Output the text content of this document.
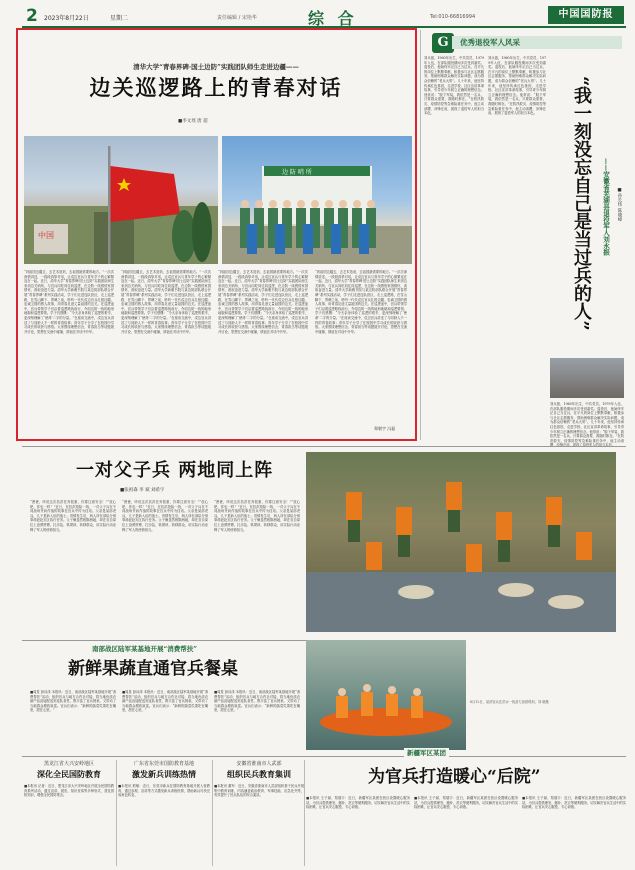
2 2023年8月22日	星期二	责任编辑 / 宋艳华	综 合	Tel:010-66816994	中国国防报
清华大学“青春界碑·国土边防”实践团队师生走进边疆——
边关巡逻路上的青春对话
■李文瑶 唐 超
中国
边 防 哨 所
“到祖国边疆去，去艺术造诣，去祖国最需要的地方。”一次次深情讲述，一段段真挚对话，让戍边官兵与青年学子的心紧紧连在一起。近日，清华大学“青春界碑·国土边防”实践团队师生来到边关哨所，与官兵同吃同住同巡逻，在边防一线感悟家国情怀，汲取奋进力量。清华大学新雅书院与某边防部队联合开展“青春界碑”系列实践活动，学子们走进连队营区，走上巡逻路，在雪山脚下、界碑之前，聆听一代代戍边官兵扎根边疆、忠诚卫国的感人故事，用青春足迹丈量祖国的边关。在巡逻途中，官兵带领学子们沿着巡逻路线前行，介绍边防一线的地形地貌和巡逻要领。学子们感慨：“今天亲身体验了巡逻的艰辛，更深刻理解了‘使命’二字的分量。”在座谈交流中，戍边官兵讲述了与同龄人不一样的青春故事；青年学子分享了在校园中学习成长的收获与感悟。大家围绕理想信念、青春担当等话题展开讨论，思想在交流中碰撞，情谊在对话中升华。
“到祖国边疆去，去艺术造诣，去祖国最需要的地方。”一次次深情讲述，一段段真挚对话，让戍边官兵与青年学子的心紧紧连在一起。近日，清华大学“青春界碑·国土边防”实践团队师生来到边关哨所，与官兵同吃同住同巡逻，在边防一线感悟家国情怀，汲取奋进力量。清华大学新雅书院与某边防部队联合开展“青春界碑”系列实践活动，学子们走进连队营区，走上巡逻路，在雪山脚下、界碑之前，聆听一代代戍边官兵扎根边疆、忠诚卫国的感人故事，用青春足迹丈量祖国的边关。在巡逻途中，官兵带领学子们沿着巡逻路线前行，介绍边防一线的地形地貌和巡逻要领。学子们感慨：“今天亲身体验了巡逻的艰辛，更深刻理解了‘使命’二字的分量。”在座谈交流中，戍边官兵讲述了与同龄人不一样的青春故事；青年学子分享了在校园中学习成长的收获与感悟。大家围绕理想信念、青春担当等话题展开讨论，思想在交流中碰撞，情谊在对话中升华。
“到祖国边疆去，去艺术造诣，去祖国最需要的地方。”一次次深情讲述，一段段真挚对话，让戍边官兵与青年学子的心紧紧连在一起。近日，清华大学“青春界碑·国土边防”实践团队师生来到边关哨所，与官兵同吃同住同巡逻，在边防一线感悟家国情怀，汲取奋进力量。清华大学新雅书院与某边防部队联合开展“青春界碑”系列实践活动，学子们走进连队营区，走上巡逻路，在雪山脚下、界碑之前，聆听一代代戍边官兵扎根边疆、忠诚卫国的感人故事，用青春足迹丈量祖国的边关。在巡逻途中，官兵带领学子们沿着巡逻路线前行，介绍边防一线的地形地貌和巡逻要领。学子们感慨：“今天亲身体验了巡逻的艰辛，更深刻理解了‘使命’二字的分量。”在座谈交流中，戍边官兵讲述了与同龄人不一样的青春故事；青年学子分享了在校园中学习成长的收获与感悟。大家围绕理想信念、青春担当等话题展开讨论，思想在交流中碰撞，情谊在对话中升华。
“到祖国边疆去，去艺术造诣，去祖国最需要的地方。”一次次深情讲述，一段段真挚对话，让戍边官兵与青年学子的心紧紧连在一起。近日，清华大学“青春界碑·国土边防”实践团队师生来到边关哨所，与官兵同吃同住同巡逻，在边防一线感悟家国情怀，汲取奋进力量。清华大学新雅书院与某边防部队联合开展“青春界碑”系列实践活动，学子们走进连队营区，走上巡逻路，在雪山脚下、界碑之前，聆听一代代戍边官兵扎根边疆、忠诚卫国的感人故事，用青春足迹丈量祖国的边关。在巡逻途中，官兵带领学子们沿着巡逻路线前行，介绍边防一线的地形地貌和巡逻要领。学子们感慨：“今天亲身体验了巡逻的艰辛，更深刻理解了‘使命’二字的分量。”在座谈交流中，戍边官兵讲述了与同龄人不一样的青春故事；青年学子分享了在校园中学习成长的收获与感悟。大家围绕理想信念、青春担当等话题展开讨论，思想在交流中碰撞，情谊在对话中升华。
郑朝宇 冯磊
G	优秀退役军人风采
刘永振，1960年出生，中共党员，1979年入伍，在部队服役期间多次受到嘉奖。退役后，他始终牢记自己当过兵，在平凡的岗位上默默奉献，积极参与社区志愿服务，帮助困难群众解决实际问题，成为群众信赖的“老兵大哥”。几十年来，他坚持传承红色基因，走进学校、社区宣讲革命故事，引导青少年树立正确的理想信念。他常说：“脱下军装，我依然是一名兵，只要群众需要，我随时都在。”在防汛救灾、疫情防控等急难险重任务中，他主动请缨，冲锋在前，展现了退役军人的担当本色。
刘永振，1960年出生，中共党员，1979年入伍，在部队服役期间多次受到嘉奖。退役后，他始终牢记自己当过兵，在平凡的岗位上默默奉献，积极参与社区志愿服务，帮助困难群众解决实际问题，成为群众信赖的“老兵大哥”。几十年来，他坚持传承红色基因，走进学校、社区宣讲革命故事，引导青少年树立正确的理想信念。他常说：“脱下军装，我依然是一名兵，只要群众需要，我随时都在。”在防汛救灾、疫情防控等急难险重任务中，他主动请缨，冲锋在前，展现了退役军人的担当本色。	“我一刻没忘自己是当过兵的人” ——安徽省芜湖县退役军人刘永振 ■孙长纬 陈晓峰
刘永振，1960年出生，中共党员，1979年入伍，在部队服役期间多次受到嘉奖。退役后，他始终牢记自己当过兵，在平凡的岗位上默默奉献，积极参与社区志愿服务，帮助困难群众解决实际问题，成为群众信赖的“老兵大哥”。几十年来，他坚持传承红色基因，走进学校、社区宣讲革命故事，引导青少年树立正确的理想信念。他常说：“脱下军装，我依然是一名兵，只要群众需要，我随时都在。”在防汛救灾、疫情防控等急难险重任务中，他主动请
一对父子兵 两地同上阵
■张祖森 李 斌 刘希宇
“爸爸，听说这次抗洪任务很重，你要注意安全！”“放心吧，你也一样！”近日，在抗洪抢险一线，一对父子兵在不同战场并肩作战的故事在官兵中传为佳话。父亲是某部老兵，儿子是新入伍的战士。汛情发生后，两人所在部队分别奉命赶赴灾区执行任务。父子俩虽然相隔两地，却在各自岗位上奋勇拼搏，扛沙袋、筑堤坝、转移群众，用实际行动诠释了军人的使命担当。
“爸爸，听说这次抗洪任务很重，你要注意安全！”“放心吧，你也一样！”近日，在抗洪抢险一线，一对父子兵在不同战场并肩作战的故事在官兵中传为佳话。父亲是某部老兵，儿子是新入伍的战士。汛情发生后，两人所在部队分别奉命赶赴灾区执行任务。父子俩虽然相隔两地，却在各自岗位上奋勇拼搏，扛沙袋、筑堤坝、转移群众，用实际行动诠释了军人的使命担当。
“爸爸，听说这次抗洪任务很重，你要注意安全！”“放心吧，你也一样！”近日，在抗洪抢险一线，一对父子兵在不同战场并肩作战的故事在官兵中传为佳话。父亲是某部老兵，儿子是新入伍的战士。汛情发生后，两人所在部队分别奉命赶赴灾区执行任务。父子俩虽然相隔两地，却在各自岗位上奋勇拼搏，扛沙袋、筑堤坝、转移群众，用实际行动诠释了军人的使命担当。
南部战区陆军某基地开展“消费帮扶”
新鲜果蔬直通官兵餐桌
■周星 彭诗泽 本报讯：近日，南部战区陆军某基地开展“消费帮扶”活动，组织官兵与地方合作社对接，将当地优质农副产品直接配送到连队食堂，既丰富了官兵餐桌，又带动了当地群众增收致富。官兵们表示：“新鲜的蔬菜瓜果吃在嘴里，甜在心里。”
■周星 彭诗泽 本报讯：近日，南部战区陆军某基地开展“消费帮扶”活动，组织官兵与地方合作社对接，将当地优质农副产品直接配送到连队食堂，既丰富了官兵餐桌，又带动了当地群众增收致富。官兵们表示：“新鲜的蔬菜瓜果吃在嘴里，甜在心里。”
■周星 彭诗泽 本报讯：近日，南部战区陆军某基地开展“消费帮扶”活动，组织官兵与地方合作社对接，将当地优质农副产品直接配送到连队食堂，既丰富了官兵餐桌，又带动了当地群众增收致富。官兵们表示：“新鲜的蔬菜瓜果吃在嘴里，甜在心里。”
8月12日，某部官兵在洪水一线奋力加固堤坝。刘 晓摄
新疆军区某团
为官兵打造暖心“后院”
■本报讯 王子斌、郑瑞宇：近日，新疆军区某团在营区设置暖心服务站，为官兵提供理发、缝补、洗衣等便利服务，切实解决官兵生活中的实际困难，让官兵安心服役、专心训练。
■本报讯 王子斌、郑瑞宇：近日，新疆军区某团在营区设置暖心服务站，为官兵提供理发、缝补、洗衣等便利服务，切实解决官兵生活中的实际困难，让官兵安心服役、专心训练。
■本报讯 王子斌、郑瑞宇：近日，新疆军区某团在营区设置暖心服务站，为官兵提供理发、缝补、洗衣等便利服务，切实解决官兵生活中的实际困难，让官兵安心服役、专心训练。
黑龙江省大兴安岭地区
深化全民国防教育
■本报讯 记者：近日，黑龙江省大兴安岭地区开展全民国防教育系列活动，通过宣讲、展览、知识竞赛等多种形式，普及国防知识，增强全民国防观念。
广东省东莞市国防教育基地
激发新兵训练热情
■本报讯 熊敏：近日，东莞市新兵在国防教育基地开展入营教育，通过参观、宣讲等方式激发新兵训练热情，帮助新兵尽快完成角色转变。
安徽省淮南市人武部
组织民兵教育集训
■本报讯 董军：近日，安徽省淮南市人武部组织基干民兵开展集中教育训练，内容涵盖政治教育、军事技能、应急处突等，有效提升了民兵队伍的综合素质。
